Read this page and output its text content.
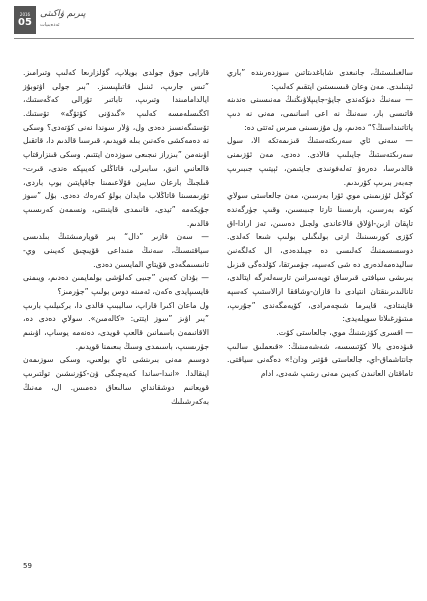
2016
05
پىرىم ۋاكىتى
ئەدەبىيات

سالغىلىستىڭ، جانىغدى شاباغدىتاتىن سوزدەرىندە ”باري ئېتىلىدى. مەن وعان قىسىستىن ايتقىم كەلىپ:

— سەنىڭ دىۋكەندى جايۋ-جايىپلاۋىڭنىڭ مەنىسىنى ەندىنە قاتىسى بار، سەنىڭ نە اعى اسانىمى، مەنى نە دىپ ياتاتىنداسىڭ؟“ دەدىم، ول مۇزىسىنى مىرس ئەتتى دە:

— سەنى ئاي سەرىكتەستىڭ قىزىمەتكە الا، سول سەرىكتەستىڭ جايىلىپ قالادى. دەدى، مەن ئۆزىمنى قالدىرسا، دەرەۋ تەلەفونىدى جايتىمن، ئېيتىپ جىبىرىپ جەبەر بىرىپ كۆرىدىم.

كوڭىل ئۈزىمىنى موي ئۆرا بەرسىن، مەن جالعاستى سولاي كوتە بەرسىن، بارىسىنا تارتا جىبىسىن، وقىپ جۈرگەندە تاپقان ازىن-اۋلاق قالاعاندى ولجىل دەسىن، تەز ارادا-اق كۆزى كورىسىنىڭ ارتى بولىگىلى بولىپ شىعا كەلدى. دوسسسمنىڭ كەلىسى دە جيىلدەدى، ال كەلگەنىن ساليدەمەلدەرى دە شى كەسپە، جۈمىرتقا، كۆلدەگى قىزىل بىرىشى سيافتى قىرساق تويەسرانىن تارسەلەرگە ايتالدى، تانالىدىرىنقتان انتيادى دا قازان-وشاققا ارالاستىپ كەسپە قاينىتادى، قايىرما شىچەمرادى، كۆيەمگەندى ”جۇرىپ، مىتىۋرغىلاتا سويلەيدى:

— اقسرى كۆزىتىنىڭ موي، جالعاستى كۆت.

قىۋدەدى بالا كۆتىسسە، شەشەمىنىڭ: «قىعملىق سالىپ جانتاشماق-اي، جالعاستى قۆتىر ودان!» دەگەنى سياقتى. تاماقتان العانىدن كەيىن مەنى رىتىپ شەدى، ادام

قارايى جوق جولدى بويلاپ، گۆلزارىعا كەلىپ وتىرامىز. ”تىس جارىپ، ئىنىل قاتىلپىسىز. ”بىر جولى اۋتوبۇز ايالدامامىندا وتىرىپ، تاباتىر تۇرالى كەڭەستىك، اكگىسلەمسە كەلىپ «گىدۆنى كۆتۆگە» تۆستىك. تۆستىگەنسىز دەدى ول، ۋلار سوندا نەنى كۆتەدى؟ وسكى نە دەمەكشى ەكەنىن بىلە قويدىم، قىرسىا قالدىم دا، قاتقىل اۋىنەمن ”بىزراز نىجىعى سوزدەن ايتتىم. وسكى قىنزارقتاپ قالعانىي انىق، سابىرلى، قاتاڭلى كەيىپكە ەندى، قىرت-قىلجىڭ بارعان سايىن قۆلاعىمىنا جاقپايتىن بوپ باردى، تۇرىمسىنا قاتاڭلاب مايدان بولۇ كەرەك دەدى. بۇل ”سوز جۇيكەمە ”تيدى، قانىمدى قاينىتتى، ونسمەن كەرىسىپ قالدىم.

— سەن قازىر ”دال“ بىر قويارمىشتىڭ بىلدىسى سياقتىسىڭ، سەنىڭ منىداعى قۆيىچىق كەيىنى وي-تانىسىمگەدى قۆيتاي المايسىن دەدى.

— بۇدان كەيىن ”جىبى كەلۇشى بولمايمىن دەدىم، ويىمنى قايسىپايدى ەكەن، ئەمىنە دوس بولىپ ”جۈرمىز؟

ول ماعان اكىرا قاراپ، ساليبىپ قالدى دا، بركىيلىپ بارىپ ”بىر اۋىز ”سوز ايتتى: «كالەمىن». سولاي دەدى دە، الاقانىمەن باسمانىن قالعپ قويدى، دەنەمە يوساپ، اۋىنىم جۈرىسىپ، باسىمدى وسىڭ بىعىمنا قويدىم.

دوسىم مەنى بىرىنشى ئاي بولعىي، وسكى سوزىمەن اينقالدا. «انىدا-ساندا كەيەچىگى ۋن-كۆرنىشىن تولتىرىپ قويعانىم دوشقانداي سالىعاق دەمىس. ال، مەنىڭ بەكەرشىلىك

59
